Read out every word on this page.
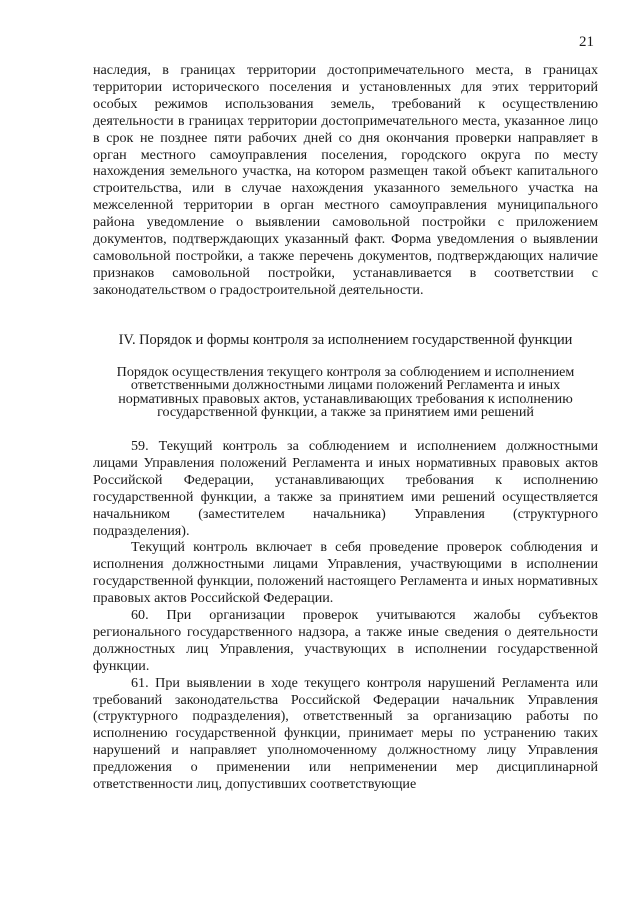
21

наследия, в границах территории достопримечательного места, в границах территории исторического поселения и установленных для этих территорий особых режимов использования земель, требований к осуществлению деятельности в границах территории достопримечательного места, указанное лицо в срок не позднее пяти рабочих дней со дня окончания проверки направляет в орган местного самоуправления поселения, городского округа по месту нахождения земельного участка, на котором размещен такой объект капитального строительства, или в случае нахождения указанного земельного участка на межселенной территории в орган местного самоуправления муниципального района уведомление о выявлении самовольной постройки с приложением документов, подтверждающих указанный факт. Форма уведомления о выявлении самовольной постройки, а также перечень документов, подтверждающих наличие признаков самовольной постройки, устанавливается в соответствии с законодательством о градостроительной деятельности.

IV. Порядок и формы контроля за исполнением государственной функции

Порядок осуществления текущего контроля за соблюдением и исполнением ответственными должностными лицами положений Регламента и иных нормативных правовых актов, устанавливающих требования к исполнению государственной функции, а также за принятием ими решений

59. Текущий контроль за соблюдением и исполнением должностными лицами Управления положений Регламента и иных нормативных правовых актов Российской Федерации, устанавливающих требования к исполнению государственной функции, а также за принятием ими решений осуществляется начальником (заместителем начальника) Управления (структурного подразделения).

Текущий контроль включает в себя проведение проверок соблюдения и исполнения должностными лицами Управления, участвующими в исполнении государственной функции, положений настоящего Регламента и иных нормативных правовых актов Российской Федерации.

60. При организации проверок учитываются жалобы субъектов регионального государственного надзора, а также иные сведения о деятельности должностных лиц Управления, участвующих в исполнении государственной функции.

61. При выявлении в ходе текущего контроля нарушений Регламента или требований законодательства Российской Федерации начальник Управления (структурного подразделения), ответственный за организацию работы по исполнению государственной функции, принимает меры по устранению таких нарушений и направляет уполномоченному должностному лицу Управления предложения о применении или неприменении мер дисциплинарной ответственности лиц, допустивших соответствующие
